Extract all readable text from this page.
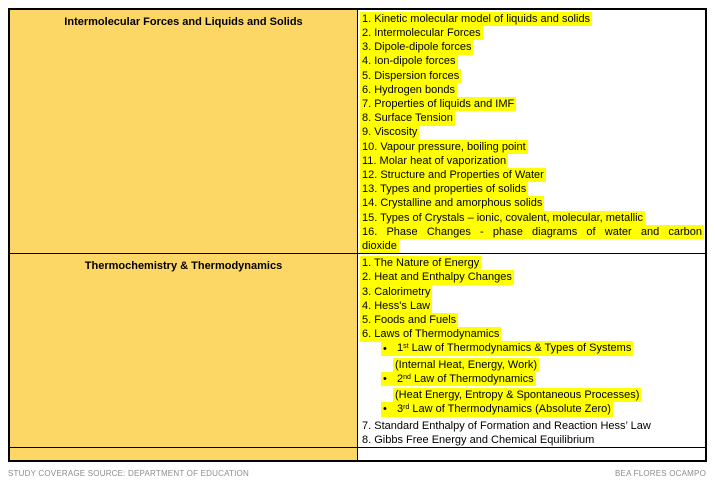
Intermolecular Forces and Liquids and Solids	1. Kinetic molecular model of liquids and solids
2. Intermolecular Forces
3. Dipole-dipole forces
4. Ion-dipole forces
5. Dispersion forces
6. Hydrogen bonds
7. Properties of liquids and IMF
8. Surface Tension
9. Viscosity
10. Vapour pressure, boiling point
11. Molar heat of vaporization
12. Structure and Properties of Water
13. Types and properties of solids
14. Crystalline and amorphous solids
15. Types of Crystals – ionic, covalent, molecular, metallic
16. Phase Changes - phase diagrams of water and carbon
dioxide
Thermochemistry & Thermodynamics	1. The Nature of Energy
2. Heat and Enthalpy Changes
3. Calorimetry
4. Hess's Law
5. Foods and Fuels
6. Laws of Thermodynamics
• 1st Law of Thermodynamics & Types of Systems
(Internal Heat, Energy, Work)
• 2nd Law of Thermodynamics
(Heat Energy, Entropy & Spontaneous Processes)
• 3rd Law of Thermodynamics (Absolute Zero)
7. Standard Enthalpy of Formation and Reaction Hess’ Law
8. Gibbs Free Energy and Chemical Equilibrium
STUDY COVERAGE SOURCE: DEPARTMENT OF EDUCATION	BEA FLORES OCAMPO
